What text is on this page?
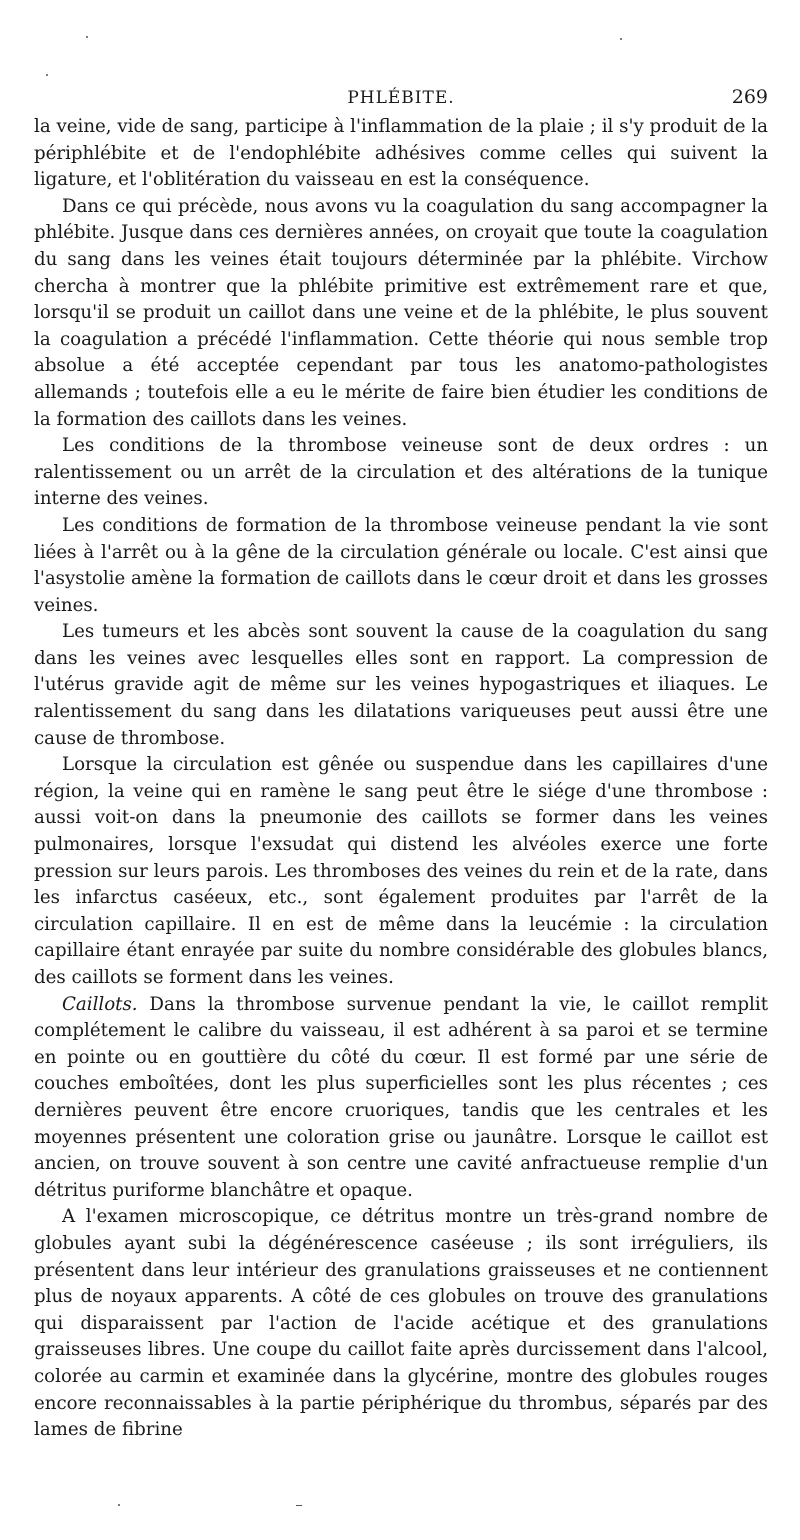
PHLÉBITE.	269

la veine, vide de sang, participe à l'inflammation de la plaie ; il s'y produit de la périphlébite et de l'endophlébite adhésives comme celles qui suivent la ligature, et l'oblitération du vaisseau en est la conséquence.

Dans ce qui précède, nous avons vu la coagulation du sang accompagner la phlébite. Jusque dans ces dernières années, on croyait que toute la coagulation du sang dans les veines était toujours déterminée par la phlébite. Virchow chercha à montrer que la phlébite primitive est extrêmement rare et que, lorsqu'il se produit un caillot dans une veine et de la phlébite, le plus souvent la coagulation a précédé l'inflammation. Cette théorie qui nous semble trop absolue a été acceptée cependant par tous les anatomo-pathologistes allemands ; toutefois elle a eu le mérite de faire bien étudier les conditions de la formation des caillots dans les veines.

Les conditions de la thrombose veineuse sont de deux ordres : un ralentissement ou un arrêt de la circulation et des altérations de la tunique interne des veines.

Les conditions de formation de la thrombose veineuse pendant la vie sont liées à l'arrêt ou à la gêne de la circulation générale ou locale. C'est ainsi que l'asystolie amène la formation de caillots dans le cœur droit et dans les grosses veines.

Les tumeurs et les abcès sont souvent la cause de la coagulation du sang dans les veines avec lesquelles elles sont en rapport. La compression de l'utérus gravide agit de même sur les veines hypogastriques et iliaques. Le ralentissement du sang dans les dilatations variqueuses peut aussi être une cause de thrombose.

Lorsque la circulation est gênée ou suspendue dans les capillaires d'une région, la veine qui en ramène le sang peut être le siége d'une thrombose : aussi voit-on dans la pneumonie des caillots se former dans les veines pulmonaires, lorsque l'exsudat qui distend les alvéoles exerce une forte pression sur leurs parois. Les thromboses des veines du rein et de la rate, dans les infarctus caséeux, etc., sont également produites par l'arrêt de la circulation capillaire. Il en est de même dans la leucémie : la circulation capillaire étant enrayée par suite du nombre considérable des globules blancs, des caillots se forment dans les veines.

Caillots. Dans la thrombose survenue pendant la vie, le caillot remplit complétement le calibre du vaisseau, il est adhérent à sa paroi et se termine en pointe ou en gouttière du côté du cœur. Il est formé par une série de couches emboîtées, dont les plus superficielles sont les plus récentes ; ces dernières peuvent être encore cruoriques, tandis que les centrales et les moyennes présentent une coloration grise ou jaunâtre. Lorsque le caillot est ancien, on trouve souvent à son centre une cavité anfractueuse remplie d'un détritus puriforme blanchâtre et opaque.

A l'examen microscopique, ce détritus montre un très-grand nombre de globules ayant subi la dégénérescence caséeuse ; ils sont irréguliers, ils présentent dans leur intérieur des granulations graisseuses et ne contiennent plus de noyaux apparents. A côté de ces globules on trouve des granulations qui disparaissent par l'action de l'acide acétique et des granulations graisseuses libres. Une coupe du caillot faite après durcissement dans l'alcool, colorée au carmin et examinée dans la glycérine, montre des globules rouges encore reconnaissables à la partie périphérique du thrombus, séparés par des lames de fibrine
